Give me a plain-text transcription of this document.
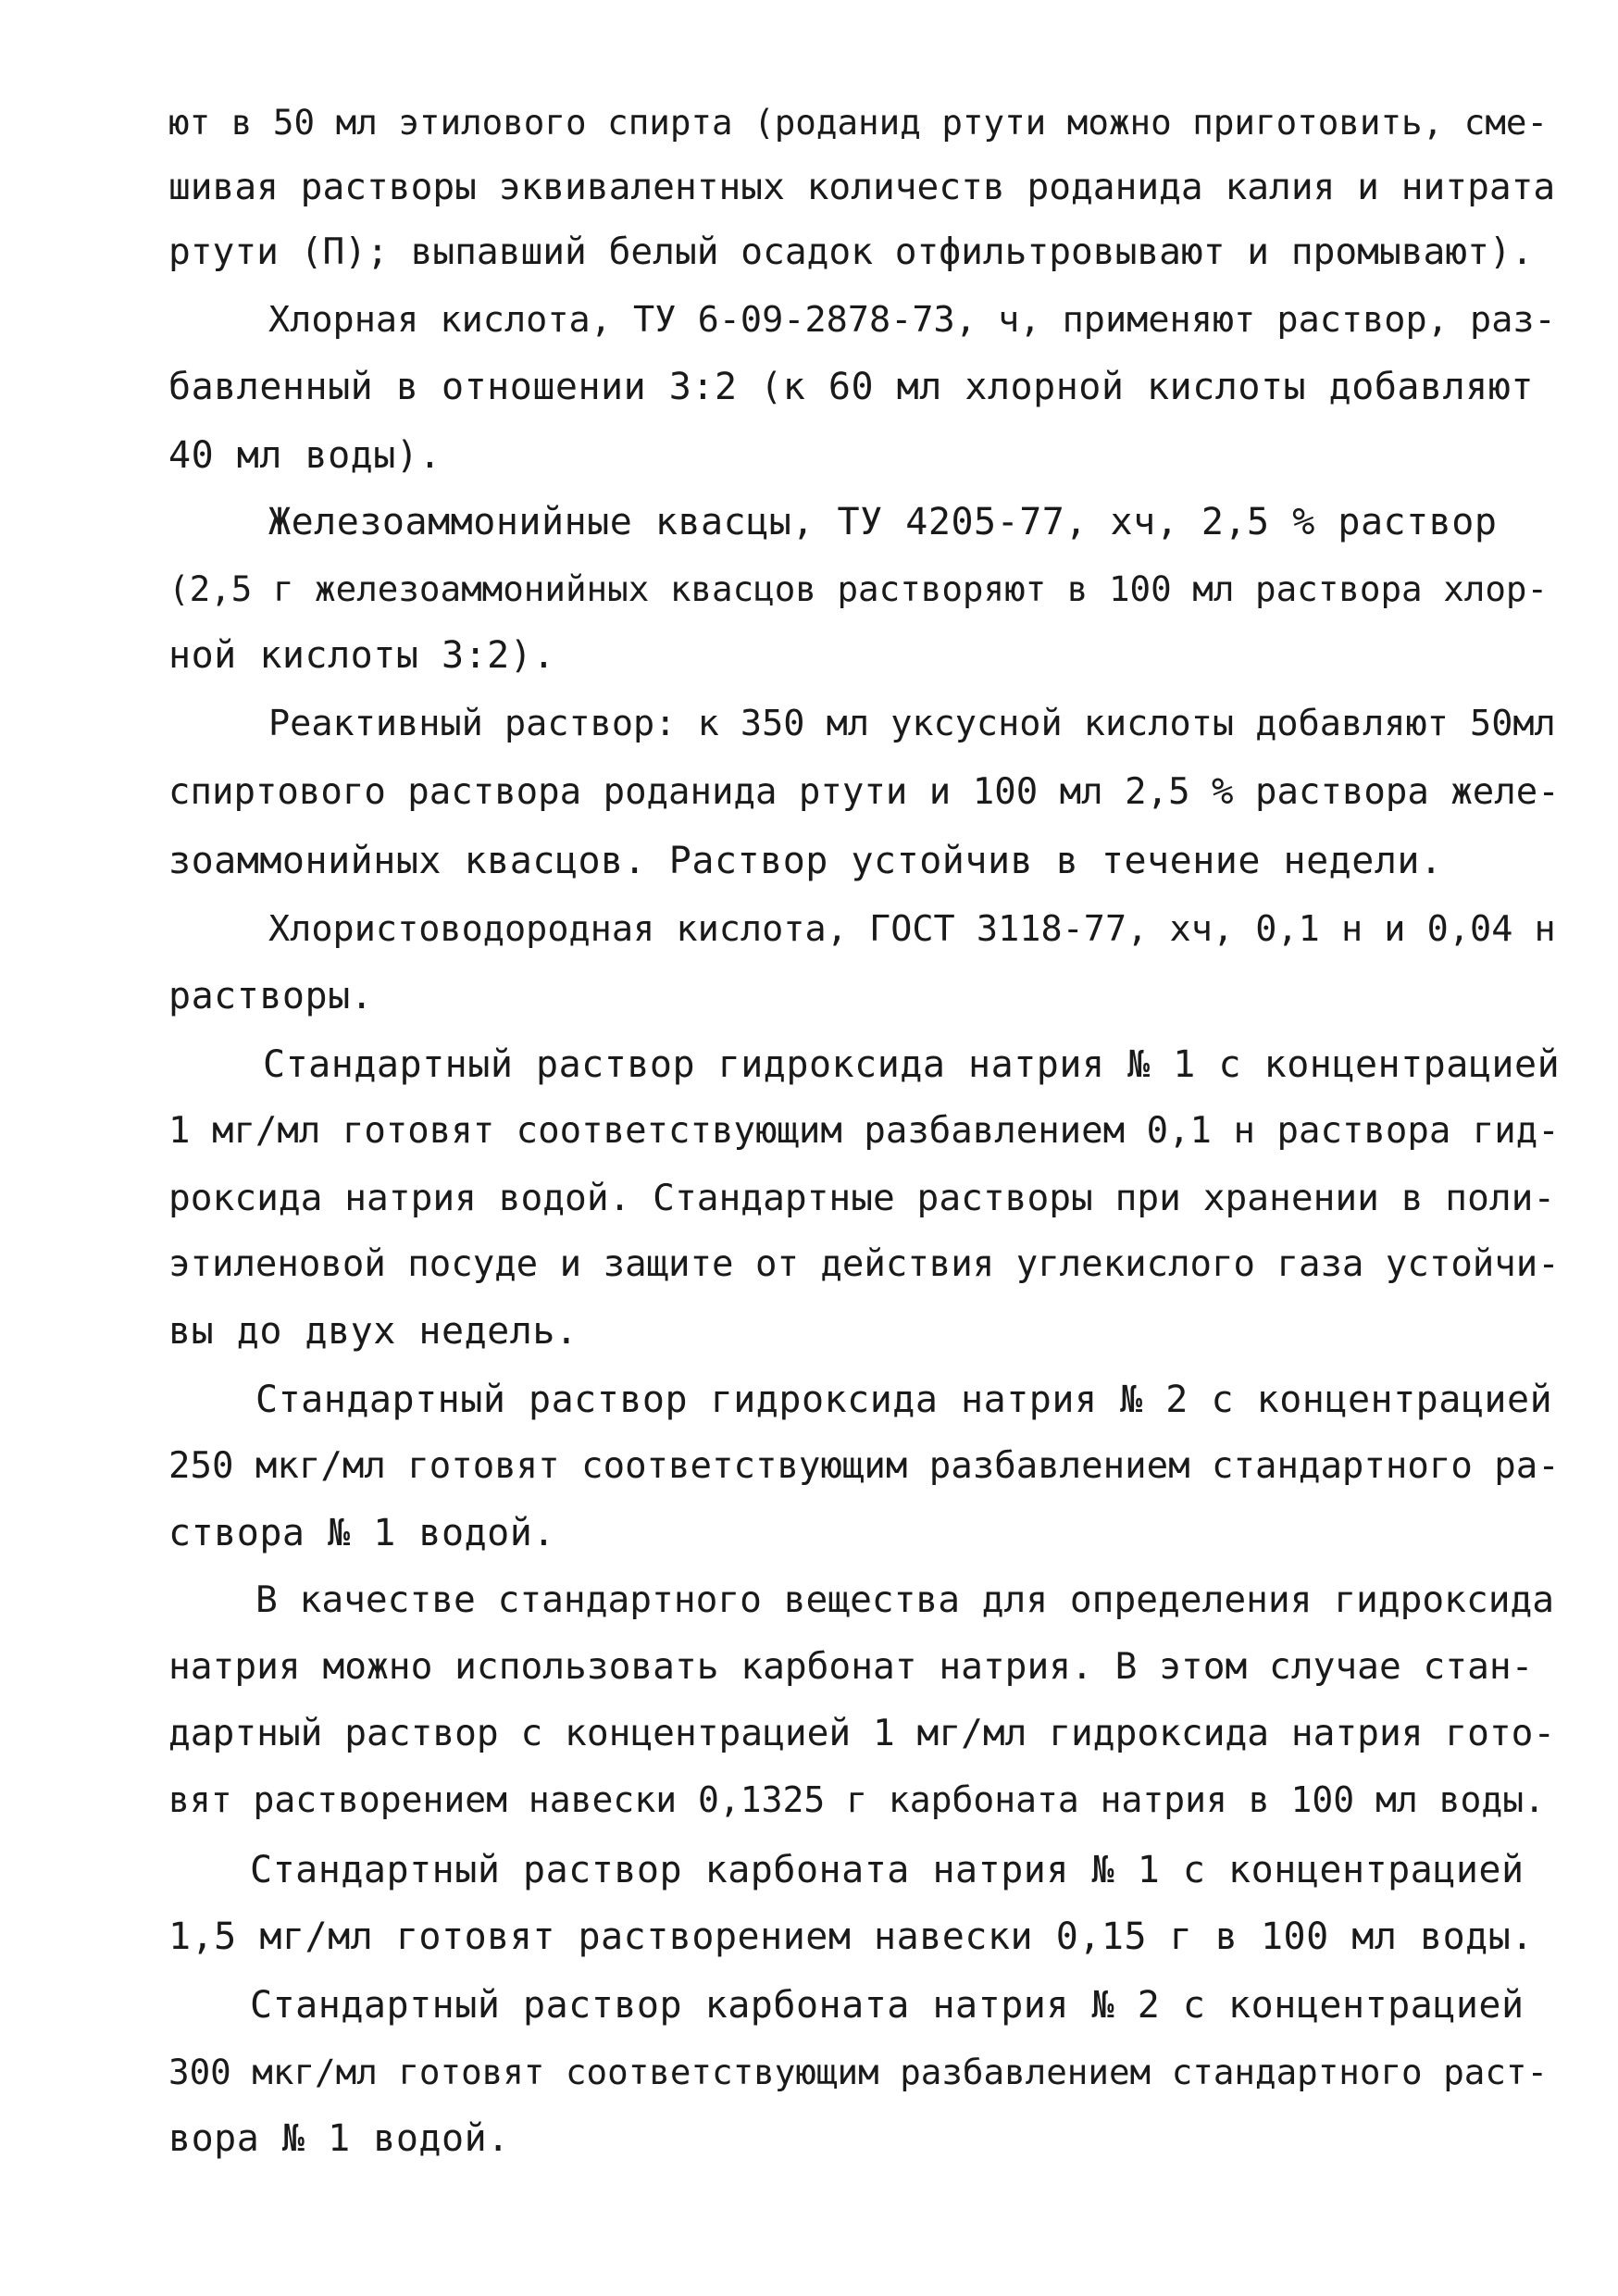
ют в 50 мл этилового спирта (роданид ртути можно приготовить, сме-
шивая растворы эквивалентных количеств роданида калия и нитрата
ртути (П); выпавший белый осадок отфильтровывают и промывают).
Хлорная кислота, ТУ 6-09-2878-73, ч, применяют раствор, раз-
бавленный в отношении 3:2 (к 60 мл хлорной кислоты добавляют
40 мл воды).
Железоаммонийные квасцы, ТУ 4205-77, хч, 2,5 % раствор
(2,5 г железоаммонийных квасцов растворяют в 100 мл раствора хлор-
ной кислоты 3:2).
Реактивный раствор: к 350 мл уксусной кислоты добавляют 50мл
спиртового раствора роданида ртути и 100 мл 2,5 % раствора желе-
зоаммонийных квасцов. Раствор устойчив в течение недели.
Хлористоводородная кислота, ГОСТ 3118-77, хч, 0,1 н и 0,04 н
растворы.
Стандартный раствор гидроксида натрия № 1 с концентрацией
1 мг/мл готовят соответствующим разбавлением 0,1 н раствора гид-
роксида натрия водой. Стандартные растворы при хранении в поли-
этиленовой посуде и защите от действия углекислого газа устойчи-
вы до двух недель.
Стандартный раствор гидроксида натрия № 2 с концентрацией
250 мкг/мл готовят соответствующим разбавлением стандартного ра-
створа № 1 водой.
В качестве стандартного вещества для определения гидроксида
натрия можно использовать карбонат натрия. В этом случае стан-
дартный раствор с концентрацией 1 мг/мл гидроксида натрия гото-
вят растворением навески 0,1325 г карбоната натрия в 100 мл воды.
Стандартный раствор карбоната натрия № 1 с концентрацией
1,5 мг/мл готовят растворением навески 0,15 г в 100 мл воды.
Стандартный раствор карбоната натрия № 2 с концентрацией
300 мкг/мл готовят соответствующим разбавлением стандартного раст-
вора № 1 водой.
